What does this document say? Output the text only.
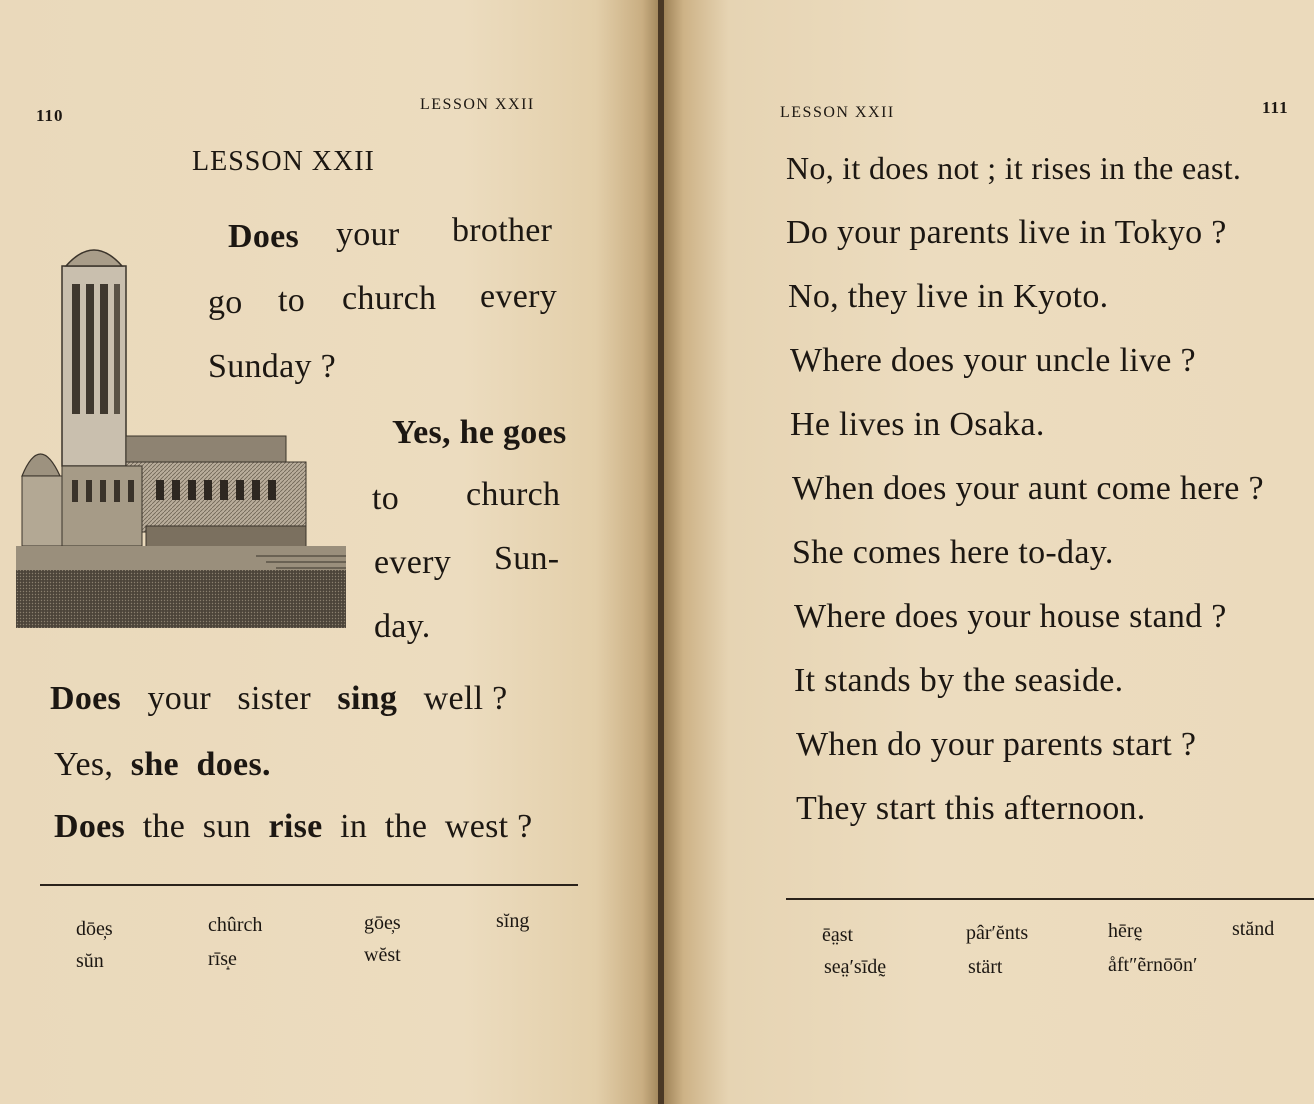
110
LESSON XXII
LESSON XXII
Does your brother
go to church every
Sunday ?
Yes, he goes
to church
every Sun-
day.
Does your sister sing well ?
Yes, she does.
Does the sun rise in the west ?
dōe̦s	chûrch	gōe̦s	sĭng
sŭn	rīs̝e	wĕst
LESSON XXII	111
No, it does not ; it rises in the east.
Do your parents live in Tokyo ?
No, they live in Kyoto.
Where does your uncle live ?
He lives in Osaka.
When does your aunt come here ?
She comes here to-day.
Where does your house stand ?
It stands by the seaside.
When do your parents start ?
They start this afternoon.
ēa̤st	pâr′ĕnts	hērḛ	stănd
sea̤′sīdḛ	stärt	åft″ẽrnōōn′
